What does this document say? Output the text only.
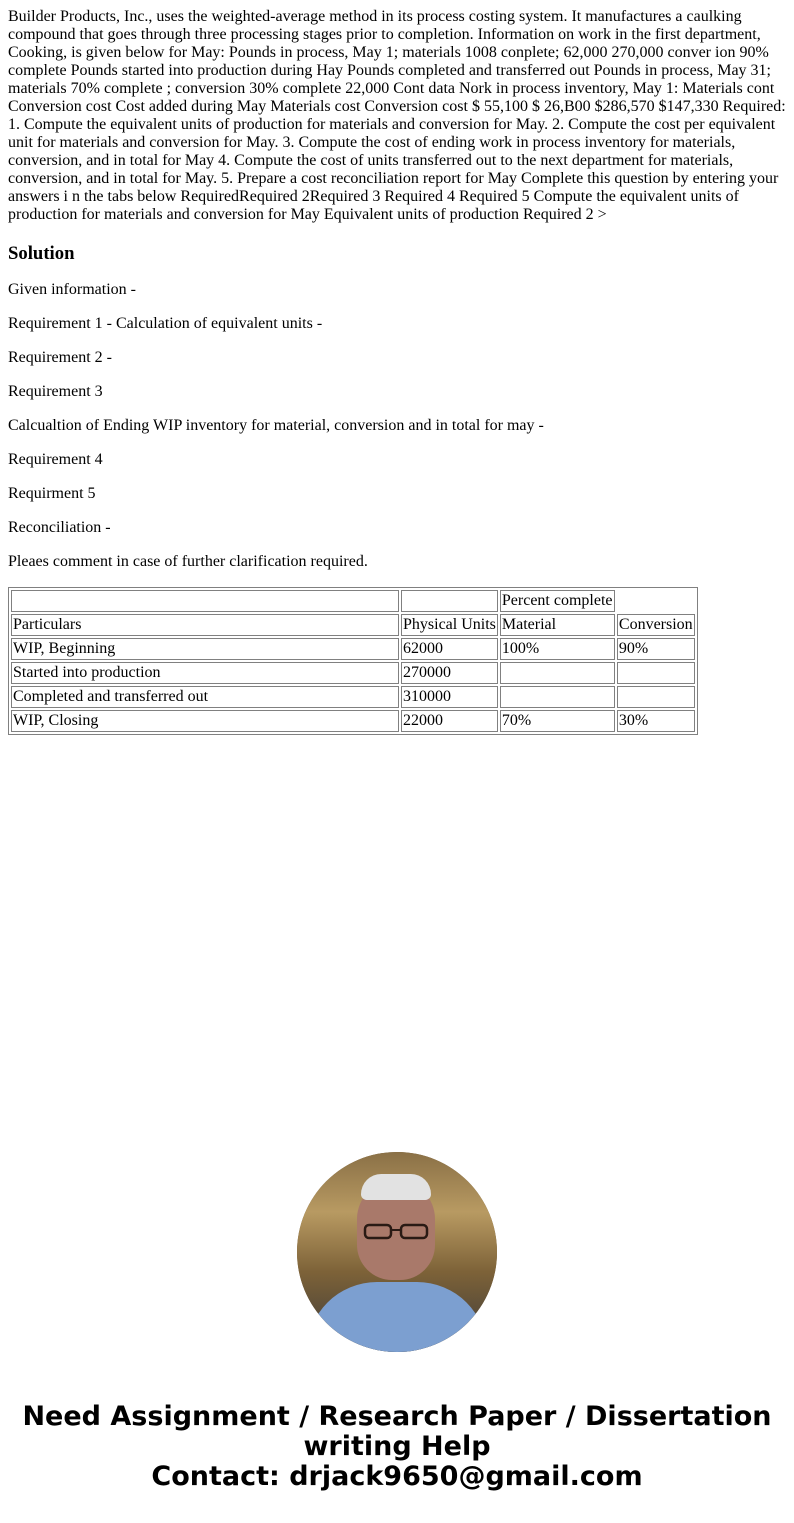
Builder Products, Inc., uses the weighted-average method in its process costing system. It manufactures a caulking compound that goes through three processing stages prior to completion. Information on work in the first department, Cooking, is given below for May: Pounds in process, May 1; materials 1008 conplete; 62,000 270,000 conver ion 90% complete Pounds started into production during Hay Pounds completed and transferred out Pounds in process, May 31; materials 70% complete ; conversion 30% complete 22,000 Cont data Nork in process inventory, May 1: Materials cont Conversion cost Cost added during May Materials cost Conversion cost $ 55,100 $ 26,B00 $286,570 $147,330 Required: 1. Compute the equivalent units of production for materials and conversion for May. 2. Compute the cost per equivalent unit for materials and conversion for May. 3. Compute the cost of ending work in process inventory for materials, conversion, and in total for May 4. Compute the cost of units transferred out to the next department for materials, conversion, and in total for May. 5. Prepare a cost reconciliation report for May Complete this question by entering your answers i n the tabs below RequiredRequired 2Required 3 Required 4 Required 5 Compute the equivalent units of production for materials and conversion for May Equivalent units of production Required 2 >

Solution

Given information -

Requirement 1 - Calculation of equivalent units -

Requirement 2 -

Requirement 3

Calcualtion of Ending WIP inventory for material, conversion and in total for may -

Requirement 4

Requirment 5

Reconciliation -

Pleaes comment in case of further clarification required.

		Percent complete	
Particulars	Physical Units	Material	Conversion
WIP, Beginning	62000	100%	90%
Started into production	270000		
Completed and transferred out	310000		
WIP, Closing	22000	70%	30%
Need Assignment / Research Paper / Dissertation writing Help
Contact: drjack9650@gmail.com
